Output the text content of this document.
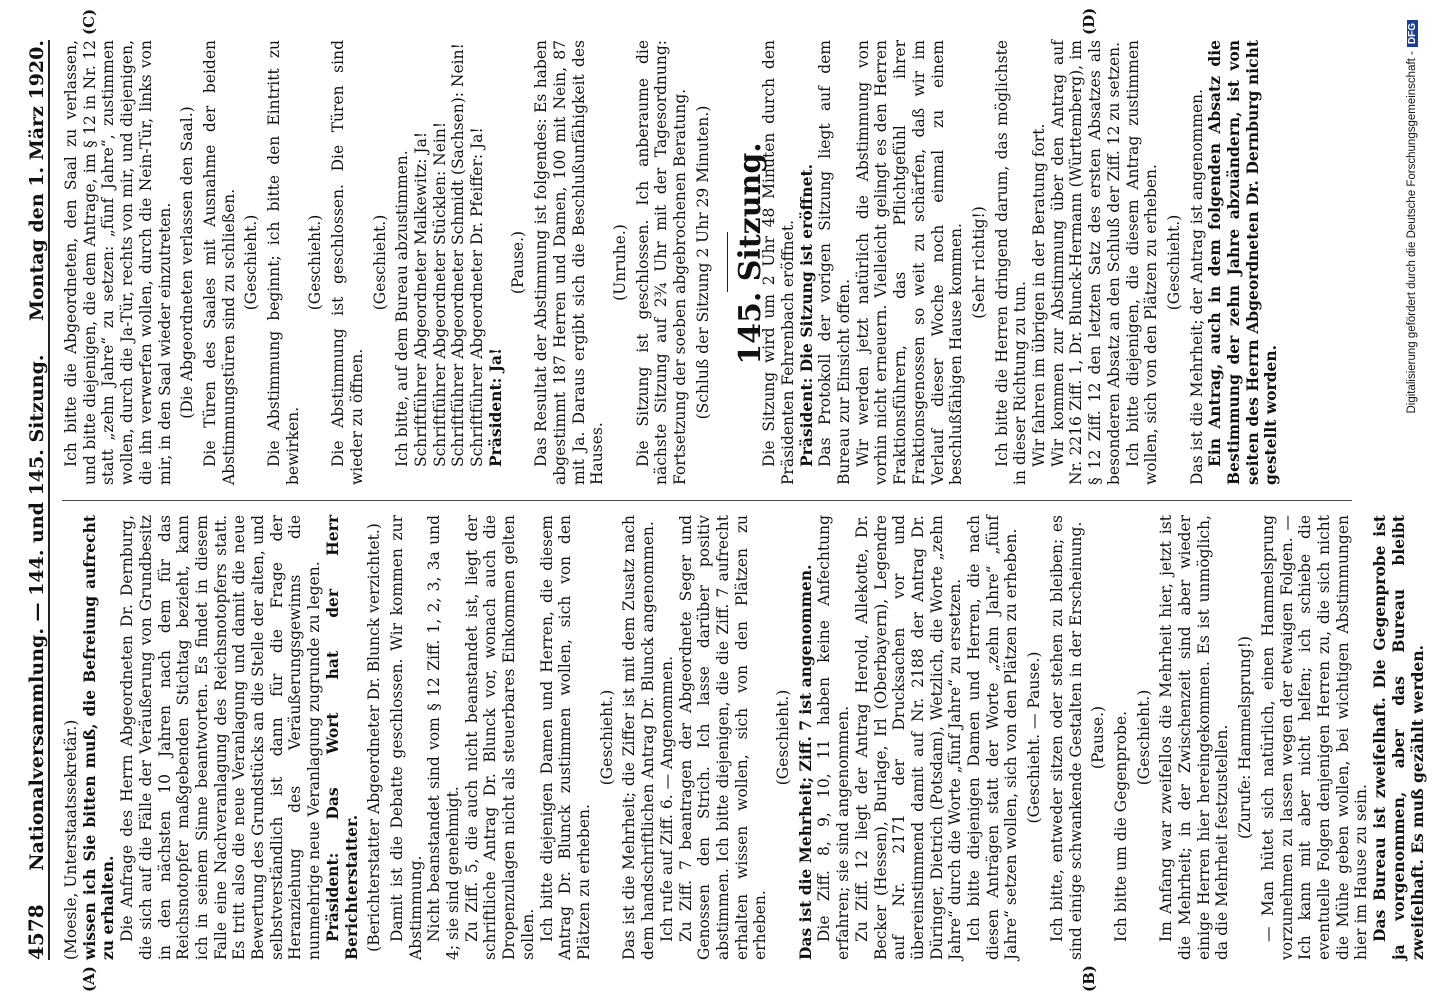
4578
Nationalversammlung. — 144. und 145. Sitzung.
Montag den 1. März 1920.
(A)	(B)
(C)	(D)

(Moesle, Unterstaatssekretär.) wissen ich Sie bitten muß, die Befreiung aufrecht zu erhalten. Die Anfrage des Herrn Abgeordneten Dr. Dernburg, die sich auf die Fälle der Veräußerung von Grundbesitz in den nächsten 10 Jahren nach dem für das Reichsnotopfer maßgebenden Stichtag bezieht, kann ich in seinem Sinne beantworten. Es findet in diesem Falle eine Nachveranlagung des Reichsnotopfers statt. Es tritt also die neue Veranlagung und damit die neue Bewertung des Grundstücks an die Stelle der alten, und selbstverständlich ist dann für die Frage der Heranziehung des Veräußerungsgewinns die nunmehrige neue Veranlagung zugrunde zu legen. Präsident: Das Wort hat der Herr Berichterstatter. (Berichterstatter Abgeordneter Dr. Blunck verzichtet.) Damit ist die Debatte geschlossen. Wir kommen zur Abstimmung. Nicht beanstandet sind vom § 12 Ziff. 1, 2, 3, 3a und 4; sie sind genehmigt. Zu Ziff. 5, die auch nicht beanstandet ist, liegt der schriftliche Antrag Dr. Blunck vor, wonach auch die Dropenzulagen nicht als steuerbares Einkommen gelten sollen. Ich bitte diejenigen Damen und Herren, die diesem Antrag Dr. Blunck zustimmen wollen, sich von den Plätzen zu erheben.

(Geschieht.) Das ist die Mehrheit; die Ziffer ist mit dem Zusatz nach dem handschriftlichen Antrag Dr. Blunck angenommen. Ich rufe auf Ziff. 6. — Angenommen. Zu Ziff. 7 beantragen der Abgeordnete Seger und Genossen den Strich. Ich lasse darüber positiv abstimmen. Ich bitte diejenigen, die die Ziff. 7 aufrecht erhalten wissen wollen, sich von den Plätzen zu erheben.

(Geschieht.) Das ist die Mehrheit; Ziff. 7 ist angenommen. Die Ziff. 8, 9, 10, 11 haben keine Anfechtung erfahren; sie sind angenommen. Zu Ziff. 12 liegt der Antrag Herold, Allekotte, Dr. Becker (Hessen), Burlage, Irl (Oberbayern), Legendre auf Nr. 2171 der Drucksachen vor und übereinstimmend damit auf Nr. 2188 der Antrag Dr. Düringer, Dietrich (Potsdam), Wetzlich, die Worte „zehn Jahre“ durch die Worte „fünf Jahre“ zu ersetzen. Ich bitte diejenigen Damen und Herren, die nach diesen Anträgen statt der Worte „zehn Jahre“ „fünf Jahre“ setzen wollen, sich von den Plätzen zu erheben. (Geschieht. — Pause.) Ich bitte, entweder sitzen oder stehen zu bleiben; es sind einige schwankende Gestalten in der Erscheinung. (Pause.) Ich bitte um die Gegenprobe. (Geschieht.) Im Anfang war zweifellos die Mehrheit hier, jetzt ist die Mehrheit; in der Zwischenzeit sind aber wieder einige Herren hier hereingekommen. Es ist unmöglich, da die Mehrheit festzustellen. (Zurufe: Hammelsprung!) — Man hütet sich natürlich, einen Hammelsprung vorzunehmen zu lassen wegen der etwaigen Folgen. — Ich kann mit aber nicht helfen; ich schiebe die eventuelle Folgen denjenigen Herren zu, die sich nicht die Mühe geben wollen, bei wichtigen Abstimmungen hier im Hause zu sein. Das Bureau ist zweifelhaft. Die Gegenprobe ist ja vorgenommen, aber das Bureau bleibt zweifelhaft. Es muß gezählt werden.

Ich bitte die Abgeordneten, den Saal zu verlassen, und bitte diejenigen, die dem Antrage, im § 12 in Nr. 12 statt „zehn Jahre“ zu setzen: „fünf Jahre“, zustimmen wollen, durch die Ja-Tür, rechts von mir, und diejenigen, die ihn verwerfen wollen, durch die Nein-Tür, links von mir, in den Saal wieder einzutreten. (Die Abgeordneten verlassen den Saal.) Die Türen des Saales mit Ausnahme der beiden Abstimmungstüren sind zu schließen. (Geschieht.) Die Abstimmung beginnt; ich bitte den Eintritt zu bewirken.

(Geschieht.) Die Abstimmung ist geschlossen. Die Türen sind wieder zu öffnen.

(Geschieht.) Ich bitte, auf dem Bureau abzustimmen. Schriftführer Abgeordneter Malkewitz: Ja! Schriftführer Abgeordneter Stücklen: Nein! Schriftführer Abgeordneter Schmidt (Sachsen): Nein! Schriftführer Abgeordneter Dr. Pfeiffer: Ja! Präsident: Ja!

(Pause.) Das Resultat der Abstimmung ist folgendes: Es haben abgestimmt 187 Herren und Damen, 100 mit Nein, 87 mit Ja. Daraus ergibt sich die Beschlußunfähigkeit des Hauses.

(Unruhe.) Die Sitzung ist geschlossen. Ich anberaume die nächste Sitzung auf 2¾ Uhr mit der Tagesordnung: Fortsetzung der soeben abgebrochenen Beratung. (Schluß der Sitzung 2 Uhr 29 Minuten.) 145. Sitzung.

Die Sitzung wird um 2 Uhr 48 Minuten durch den Präsidenten Fehrenbach eröffnet. Präsident: Die Sitzung ist eröffnet. Das Protokoll der vorigen Sitzung liegt auf dem Bureau zur Einsicht offen. Wir werden jetzt natürlich die Abstimmung von vorhin nicht erneuern. Vielleicht gelingt es den Herren Fraktionsführern, das Pflichtgefühl ihrer Fraktionsgenossen so weit zu schärfen, daß wir im Verlauf dieser Woche noch einmal zu einem beschlußfähigen Hause kommen. (Sehr richtig!) Ich bitte die Herren dringend darum, das möglichste in dieser Richtung zu tun. Wir fahren im übrigen in der Beratung fort. Wir kommen zur Abstimmung über den Antrag auf Nr. 2216 Ziff. 1, Dr. Blunck-Hermann (Württemberg), im § 12 Ziff. 12 den letzten Satz des ersten Absatzes als besonderen Absatz an den Schluß der Ziff. 12 zu setzen. Ich bitte diejenigen, die diesem Antrag zustimmen wollen, sich von den Plätzen zu erheben. (Geschieht.) Das ist die Mehrheit; der Antrag ist angenommen. Ein Antrag, auch in dem folgenden Absatz die Bestimmung der zehn Jahre abzuändern, ist von seiten des Herrn Abgeordneten Dr. Dernburg nicht gestellt worden.

Digitalisierung gefördert durch die Deutsche Forschungsgemeinschaft -
DFG
